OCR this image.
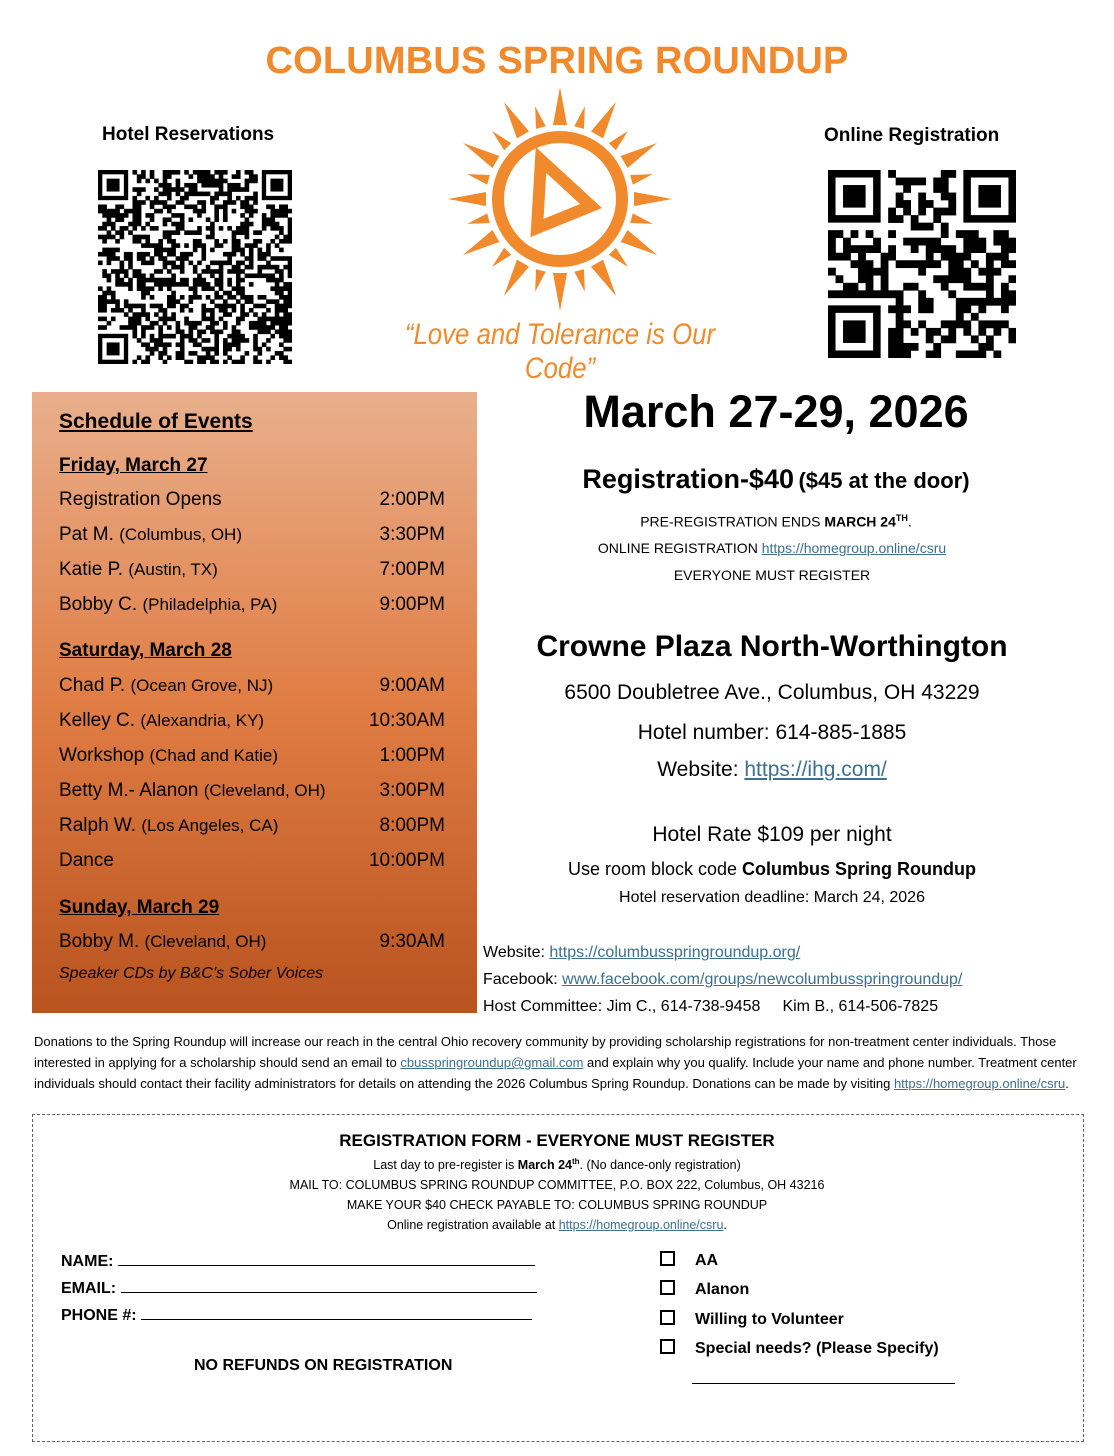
COLUMBUS SPRING ROUNDUP
Hotel Reservations	Online Registration
“Love and Tolerance is Our Code”
Schedule of Events
Friday, March 27
Registration Opens	2:00PM
Pat M. (Columbus, OH)	3:30PM
Katie P. (Austin, TX)	7:00PM
Bobby C. (Philadelphia, PA)	9:00PM
Saturday, March 28
Chad P. (Ocean Grove, NJ)	9:00AM
Kelley C. (Alexandria, KY)	10:30AM
Workshop (Chad and Katie)	1:00PM
Betty M.- Alanon (Cleveland, OH)	3:00PM
Ralph W. (Los Angeles, CA)	8:00PM
Dance	10:00PM
Sunday, March 29
Bobby M. (Cleveland, OH)	9:30AM
Speaker CDs by B&C’s Sober Voices
March 27-29, 2026
Registration-$40 ($45 at the door)
PRE-REGISTRATION ENDS MARCH 24TH.
ONLINE REGISTRATION https://homegroup.online/csru
EVERYONE MUST REGISTER
Crowne Plaza North-Worthington
6500 Doubletree Ave., Columbus, OH 43229
Hotel number: 614-885-1885
Website: https://ihg.com/
Hotel Rate $109 per night
Use room block code Columbus Spring Roundup
Hotel reservation deadline: March 24, 2026
Website: https://columbusspringroundup.org/
Facebook: www.facebook.com/groups/newcolumbusspringroundup/
Host Committee: Jim C., 614-738-9458 Kim B., 614-506-7825
Donations to the Spring Roundup will increase our reach in the central Ohio recovery community by providing scholarship registrations for non-treatment center individuals. Those interested in applying for a scholarship should send an email to cbusspringroundup@gmail.com and explain why you qualify. Include your name and phone number. Treatment center individuals should contact their facility administrators for details on attending the 2026 Columbus Spring Roundup. Donations can be made by visiting https://homegroup.online/csru.
REGISTRATION FORM - EVERYONE MUST REGISTER
Last day to pre-register is March 24th. (No dance-only registration)
MAIL TO: COLUMBUS SPRING ROUNDUP COMMITTEE, P.O. BOX 222, Columbus, OH 43216
MAKE YOUR $40 CHECK PAYABLE TO: COLUMBUS SPRING ROUNDUP
Online registration available at https://homegroup.online/csru.
NAME:
EMAIL:
PHONE #:
NO REFUNDS ON REGISTRATION
AA
Alanon
Willing to Volunteer
Special needs? (Please Specify)
